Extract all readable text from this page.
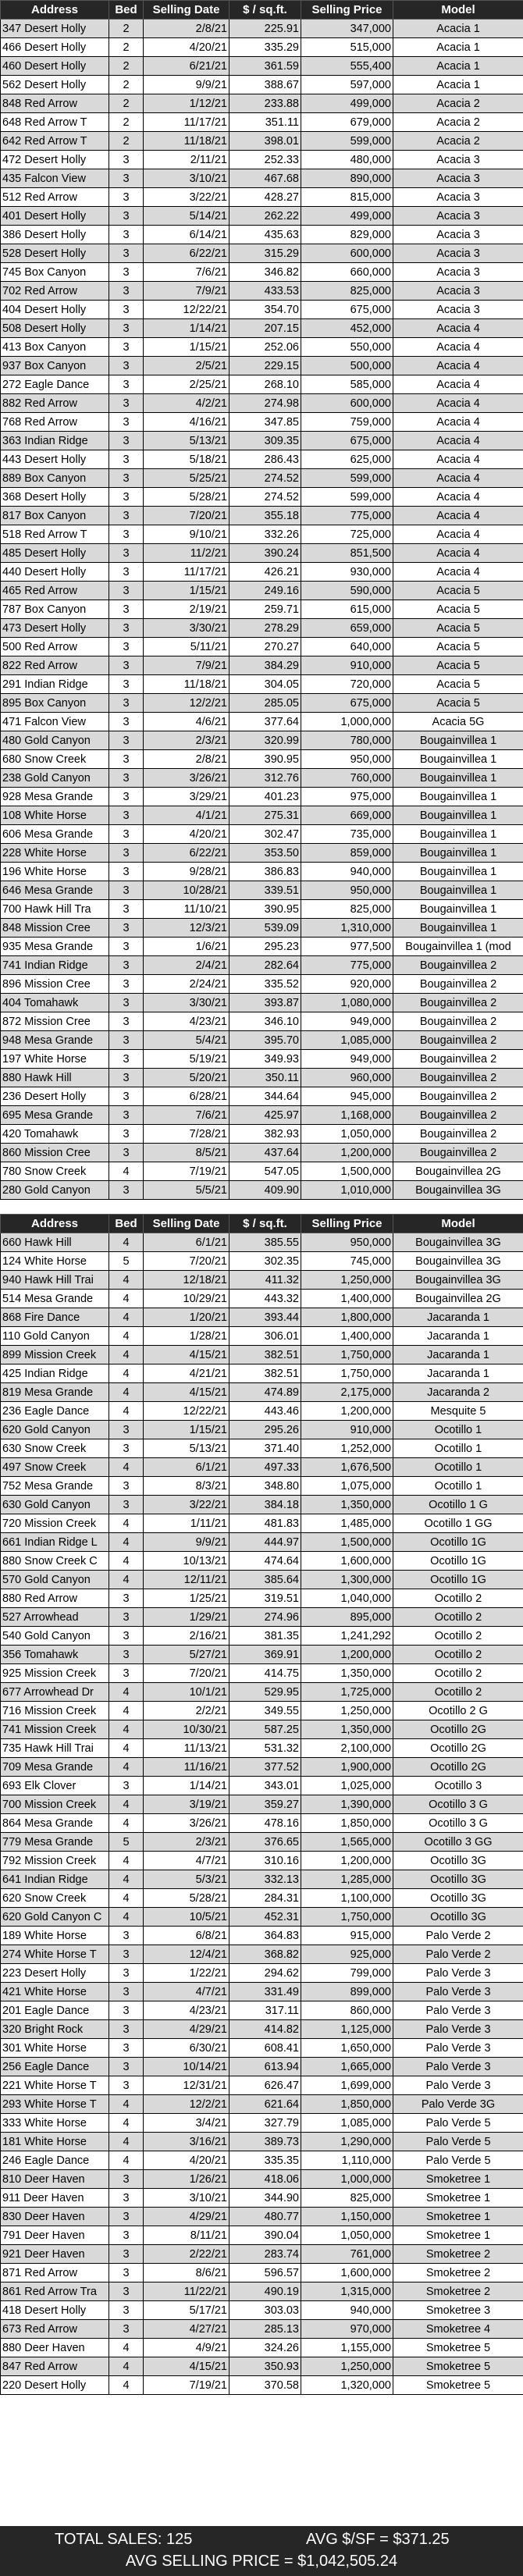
Address	Bed	Selling Date	$ / sq.ft.	Selling Price	Model
347 Desert Holly	2	2/8/21	225.91	347,000	Acacia 1
466 Desert Holly	2	4/20/21	335.29	515,000	Acacia 1
460 Desert Holly	2	6/21/21	361.59	555,400	Acacia 1
562 Desert Holly	2	9/9/21	388.67	597,000	Acacia 1
848 Red Arrow	2	1/12/21	233.88	499,000	Acacia 2
648 Red Arrow T	2	11/17/21	351.11	679,000	Acacia 2
642 Red Arrow T	2	11/18/21	398.01	599,000	Acacia 2
472 Desert Holly	3	2/11/21	252.33	480,000	Acacia 3
435 Falcon View	3	3/10/21	467.68	890,000	Acacia 3
512 Red Arrow	3	3/22/21	428.27	815,000	Acacia 3
401 Desert Holly	3	5/14/21	262.22	499,000	Acacia 3
386 Desert Holly	3	6/14/21	435.63	829,000	Acacia 3
528 Desert Holly	3	6/22/21	315.29	600,000	Acacia 3
745 Box Canyon	3	7/6/21	346.82	660,000	Acacia 3
702 Red Arrow	3	7/9/21	433.53	825,000	Acacia 3
404 Desert Holly	3	12/22/21	354.70	675,000	Acacia 3
508 Desert Holly	3	1/14/21	207.15	452,000	Acacia 4
413 Box Canyon	3	1/15/21	252.06	550,000	Acacia 4
937 Box Canyon	3	2/5/21	229.15	500,000	Acacia 4
272 Eagle Dance	3	2/25/21	268.10	585,000	Acacia 4
882 Red Arrow	3	4/2/21	274.98	600,000	Acacia 4
768 Red Arrow	3	4/16/21	347.85	759,000	Acacia 4
363 Indian Ridge	3	5/13/21	309.35	675,000	Acacia 4
443 Desert Holly	3	5/18/21	286.43	625,000	Acacia 4
889 Box Canyon	3	5/25/21	274.52	599,000	Acacia 4
368 Desert Holly	3	5/28/21	274.52	599,000	Acacia 4
817 Box Canyon	3	7/20/21	355.18	775,000	Acacia 4
518 Red Arrow T	3	9/10/21	332.26	725,000	Acacia 4
485 Desert Holly	3	11/2/21	390.24	851,500	Acacia 4
440 Desert Holly	3	11/17/21	426.21	930,000	Acacia 4
465 Red Arrow	3	1/15/21	249.16	590,000	Acacia 5
787 Box Canyon	3	2/19/21	259.71	615,000	Acacia 5
473 Desert Holly	3	3/30/21	278.29	659,000	Acacia 5
500 Red Arrow	3	5/11/21	270.27	640,000	Acacia 5
822 Red Arrow	3	7/9/21	384.29	910,000	Acacia 5
291 Indian Ridge	3	11/18/21	304.05	720,000	Acacia 5
895 Box Canyon	3	12/2/21	285.05	675,000	Acacia 5
471 Falcon View	3	4/6/21	377.64	1,000,000	Acacia 5G
480 Gold Canyon	3	2/3/21	320.99	780,000	Bougainvillea 1
680 Snow Creek	3	2/8/21	390.95	950,000	Bougainvillea 1
238 Gold Canyon	3	3/26/21	312.76	760,000	Bougainvillea 1
928 Mesa Grande	3	3/29/21	401.23	975,000	Bougainvillea 1
108 White Horse	3	4/1/21	275.31	669,000	Bougainvillea 1
606 Mesa Grande	3	4/20/21	302.47	735,000	Bougainvillea 1
228 White Horse	3	6/22/21	353.50	859,000	Bougainvillea 1
196 White Horse	3	9/28/21	386.83	940,000	Bougainvillea 1
646 Mesa Grande	3	10/28/21	339.51	950,000	Bougainvillea 1
700 Hawk Hill Tra	3	11/10/21	390.95	825,000	Bougainvillea 1
848 Mission Cree	3	12/3/21	539.09	1,310,000	Bougainvillea 1
935 Mesa Grande	3	1/6/21	295.23	977,500	Bougainvillea 1 (mod
741 Indian Ridge	3	2/4/21	282.64	775,000	Bougainvillea 2
896 Mission Cree	3	2/24/21	335.52	920,000	Bougainvillea 2
404 Tomahawk	3	3/30/21	393.87	1,080,000	Bougainvillea 2
872 Mission Cree	3	4/23/21	346.10	949,000	Bougainvillea 2
948 Mesa Grande	3	5/4/21	395.70	1,085,000	Bougainvillea 2
197 White Horse	3	5/19/21	349.93	949,000	Bougainvillea 2
880 Hawk Hill	3	5/20/21	350.11	960,000	Bougainvillea 2
236 Desert Holly	3	6/28/21	344.64	945,000	Bougainvillea 2
695 Mesa Grande	3	7/6/21	425.97	1,168,000	Bougainvillea 2
420 Tomahawk	3	7/28/21	382.93	1,050,000	Bougainvillea 2
860 Mission Cree	3	8/5/21	437.64	1,200,000	Bougainvillea 2
780 Snow Creek	4	7/19/21	547.05	1,500,000	Bougainvillea 2G
280 Gold Canyon	3	5/5/21	409.90	1,010,000	Bougainvillea 3G
Address	Bed	Selling Date	$ / sq.ft.	Selling Price	Model
660 Hawk Hill	4	6/1/21	385.55	950,000	Bougainvillea 3G
124 White Horse	5	7/20/21	302.35	745,000	Bougainvillea 3G
940 Hawk Hill Trai	4	12/18/21	411.32	1,250,000	Bougainvillea 3G
514 Mesa Grande	4	10/29/21	443.32	1,400,000	Bougainvillea 2G
868 Fire Dance	4	1/20/21	393.44	1,800,000	Jacaranda 1
110 Gold Canyon	4	1/28/21	306.01	1,400,000	Jacaranda 1
899 Mission Creek	4	4/15/21	382.51	1,750,000	Jacaranda 1
425 Indian Ridge	4	4/21/21	382.51	1,750,000	Jacaranda 1
819 Mesa Grande	4	4/15/21	474.89	2,175,000	Jacaranda 2
236 Eagle Dance	4	12/22/21	443.46	1,200,000	Mesquite 5
620 Gold Canyon	3	1/15/21	295.26	910,000	Ocotillo 1
630 Snow Creek	3	5/13/21	371.40	1,252,000	Ocotillo 1
497 Snow Creek	4	6/1/21	497.33	1,676,500	Ocotillo 1
752 Mesa Grande	3	8/3/21	348.80	1,075,000	Ocotillo 1
630 Gold Canyon	3	3/22/21	384.18	1,350,000	Ocotillo 1 G
720 Mission Creek	4	1/11/21	481.83	1,485,000	Ocotillo 1 GG
661 Indian Ridge L	4	9/9/21	444.97	1,500,000	Ocotillo 1G
880 Snow Creek C	4	10/13/21	474.64	1,600,000	Ocotillo 1G
570 Gold Canyon	4	12/11/21	385.64	1,300,000	Ocotillo 1G
880 Red Arrow	3	1/25/21	319.51	1,040,000	Ocotillo 2
527 Arrowhead	3	1/29/21	274.96	895,000	Ocotillo 2
540 Gold Canyon	3	2/16/21	381.35	1,241,292	Ocotillo 2
356 Tomahawk	3	5/27/21	369.91	1,200,000	Ocotillo 2
925 Mission Creek	3	7/20/21	414.75	1,350,000	Ocotillo 2
677 Arrowhead Dr	4	10/1/21	529.95	1,725,000	Ocotillo 2
716 Mission Creek	4	2/2/21	349.55	1,250,000	Ocotillo 2 G
741 Mission Creek	4	10/30/21	587.25	1,350,000	Ocotillo 2G
735 Hawk Hill Trai	4	11/13/21	531.32	2,100,000	Ocotillo 2G
709 Mesa Grande	4	11/16/21	377.52	1,900,000	Ocotillo 2G
693 Elk Clover	3	1/14/21	343.01	1,025,000	Ocotillo 3
700 Mission Creek	4	3/19/21	359.27	1,390,000	Ocotillo 3 G
864 Mesa Grande	4	3/26/21	478.16	1,850,000	Ocotillo 3 G
779 Mesa Grande	5	2/3/21	376.65	1,565,000	Ocotillo 3 GG
792 Mission Creek	4	4/7/21	310.16	1,200,000	Ocotillo 3G
641 Indian Ridge	4	5/3/21	332.13	1,285,000	Ocotillo 3G
620 Snow Creek	4	5/28/21	284.31	1,100,000	Ocotillo 3G
620 Gold Canyon C	4	10/5/21	452.31	1,750,000	Ocotillo 3G
189 White Horse	3	6/8/21	364.83	915,000	Palo Verde 2
274 White Horse T	3	12/4/21	368.82	925,000	Palo Verde 2
223 Desert Holly	3	1/22/21	294.62	799,000	Palo Verde 3
421 White Horse	3	4/7/21	331.49	899,000	Palo Verde 3
201 Eagle Dance	3	4/23/21	317.11	860,000	Palo Verde 3
320 Bright Rock	3	4/29/21	414.82	1,125,000	Palo Verde 3
301 White Horse	3	6/30/21	608.41	1,650,000	Palo Verde 3
256 Eagle Dance	3	10/14/21	613.94	1,665,000	Palo Verde 3
221 White Horse T	3	12/31/21	626.47	1,699,000	Palo Verde 3
293 White Horse T	4	12/2/21	621.64	1,850,000	Palo Verde 3G
333 White Horse	4	3/4/21	327.79	1,085,000	Palo Verde 5
181 White Horse	4	3/16/21	389.73	1,290,000	Palo Verde 5
246 Eagle Dance	4	4/20/21	335.35	1,110,000	Palo Verde 5
810 Deer Haven	3	1/26/21	418.06	1,000,000	Smoketree 1
911 Deer Haven	3	3/10/21	344.90	825,000	Smoketree 1
830 Deer Haven	3	4/29/21	480.77	1,150,000	Smoketree 1
791 Deer Haven	3	8/11/21	390.04	1,050,000	Smoketree 1
921 Deer Haven	3	2/22/21	283.74	761,000	Smoketree 2
871 Red Arrow	3	8/6/21	596.57	1,600,000	Smoketree 2
861 Red Arrow Tra	3	11/22/21	490.19	1,315,000	Smoketree 2
418 Desert Holly	3	5/17/21	303.03	940,000	Smoketree 3
673 Red Arrow	3	4/27/21	285.13	970,000	Smoketree 4
880 Deer Haven	4	4/9/21	324.26	1,155,000	Smoketree 5
847 Red Arrow	4	4/15/21	350.93	1,250,000	Smoketree 5
220 Desert Holly	4	7/19/21	370.58	1,320,000	Smoketree 5
TOTAL SALES: 125	AVG $/SF = $371.25
AVG SELLING PRICE = $1,042,505.24
